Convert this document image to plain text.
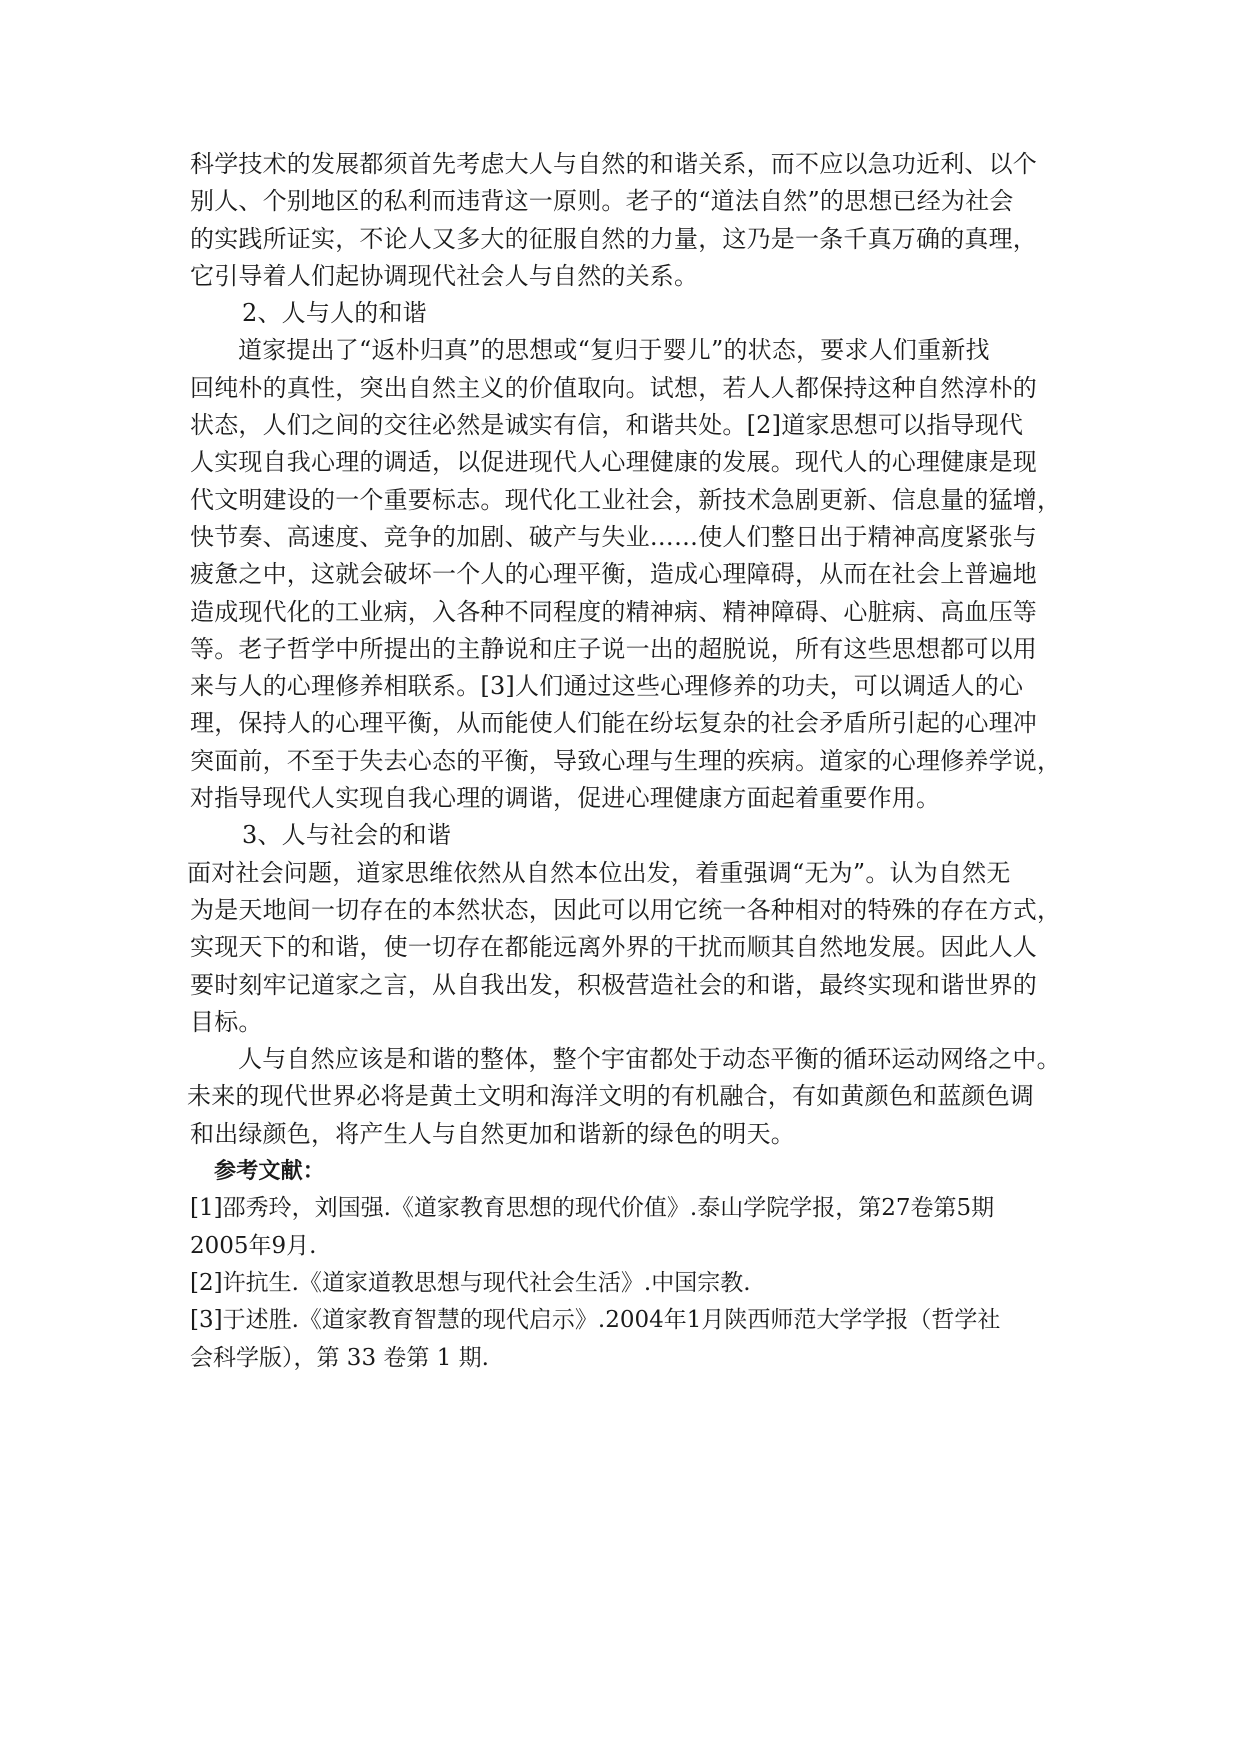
科学技术的发展都须首先考虑大人与自然的和谐关系，而不应以急功近利、以个
别人、个别地区的私利而违背这一原则。老子的“道法自然”的思想已经为社会
的实践所证实，不论人又多大的征服自然的力量，这乃是一条千真万确的真理，
它引导着人们起协调现代社会人与自然的关系。
2、人与人的和谐
道家提出了“返朴归真”的思想或“复归于婴儿”的状态，要求人们重新找
回纯朴的真性，突出自然主义的价值取向。试想，若人人都保持这种自然淳朴的
状态，人们之间的交往必然是诚实有信，和谐共处。[2]道家思想可以指导现代
人实现自我心理的调适，以促进现代人心理健康的发展。现代人的心理健康是现
代文明建设的一个重要标志。现代化工业社会，新技术急剧更新、信息量的猛增，
快节奏、高速度、竞争的加剧、破产与失业……使人们整日出于精神高度紧张与
疲惫之中，这就会破坏一个人的心理平衡，造成心理障碍，从而在社会上普遍地
造成现代化的工业病，入各种不同程度的精神病、精神障碍、心脏病、高血压等
等。老子哲学中所提出的主静说和庄子说一出的超脱说，所有这些思想都可以用
来与人的心理修养相联系。[3]人们通过这些心理修养的功夫，可以调适人的心
理，保持人的心理平衡，从而能使人们能在纷坛复杂的社会矛盾所引起的心理冲
突面前，不至于失去心态的平衡，导致心理与生理的疾病。道家的心理修养学说，
对指导现代人实现自我心理的调谐，促进心理健康方面起着重要作用。
3、人与社会的和谐
面对社会问题，道家思维依然从自然本位出发，着重强调“无为”。认为自然无
为是天地间一切存在的本然状态，因此可以用它统一各种相对的特殊的存在方式，
实现天下的和谐，使一切存在都能远离外界的干扰而顺其自然地发展。因此人人
要时刻牢记道家之言，从自我出发，积极营造社会的和谐，最终实现和谐世界的
目标。
人与自然应该是和谐的整体，整个宇宙都处于动态平衡的循环运动网络之中。
未来的现代世界必将是黄土文明和海洋文明的有机融合，有如黄颜色和蓝颜色调
和出绿颜色，将产生人与自然更加和谐新的绿色的明天。
参考文献：
[1]邵秀玲，刘国强.《道家教育思想的现代价值》.泰山学院学报，第27卷第5期
2005年9月.
[2]许抗生.《道家道教思想与现代社会生活》.中国宗教.
[3]于述胜.《道家教育智慧的现代启示》.2004年1月陕西师范大学学报（哲学社
会科学版），第 33 卷第 1 期.
